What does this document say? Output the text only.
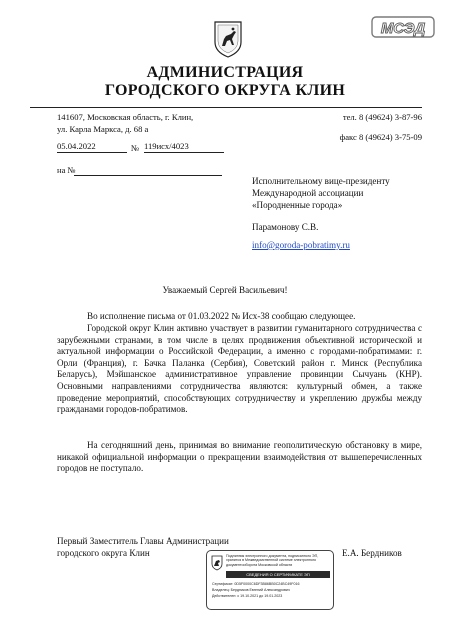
МСЭД
АДМИНИСТРАЦИЯ
ГОРОДСКОГО ОКРУГА КЛИН
141607, Московская область, г. Клин,
ул. Карла Маркса, д. 68 а
тел. 8 (49624) 3-87-96
факс 8 (49624) 3-75-09
05.04.2022	№ 119исх/4023
на №
Исполнительному вице-президенту
Международной ассоциации
«Породненные города»
Парамонову С.В.
info@goroda-pobratimy.ru
Уважаемый Сергей Васильевич!
Во исполнение письма от 01.03.2022 № Исх-38 сообщаю следующее.
Городской округ Клин активно участвует в развитии гуманитарного сотрудничества с зарубежными странами, в том числе в целях продвижения объективной исторической и актуальной информации о Российской Федерации, а именно с городами-побратимами: г. Орли (Франция), г. Бачка Паланка (Сербия), Советский район г. Минск (Республика Беларусь), Мэйшанское административное управление провинции Сычуань (КНР). Основными направлениями сотрудничества являются: культурный обмен, а также проведение мероприятий, способствующих сотрудничеству и укреплению дружбы между гражданами городов-побратимов.
На сегодняшний день, принимая во внимание геополитическую обстановку в мире, никакой официальной информации о прекращении взаимодействия от вышеперечисленных городов не поступало.
Первый Заместитель Главы Администрации
городского округа Клин	Е.А. Бердников
Подлинник электронного документа, подписанного ЭП, хранится в Межведомственной системе электронного документооборота Московской области
СВЕДЕНИЯ О СЕРТИФИКАТЕ ЭП
Сертификат: 0D5F0000C6DF3B86BB0C24BC49F016
Владелец: Бердников Евгений Александрович
Действителен: с 19.10.2021 до 19.01.2023
